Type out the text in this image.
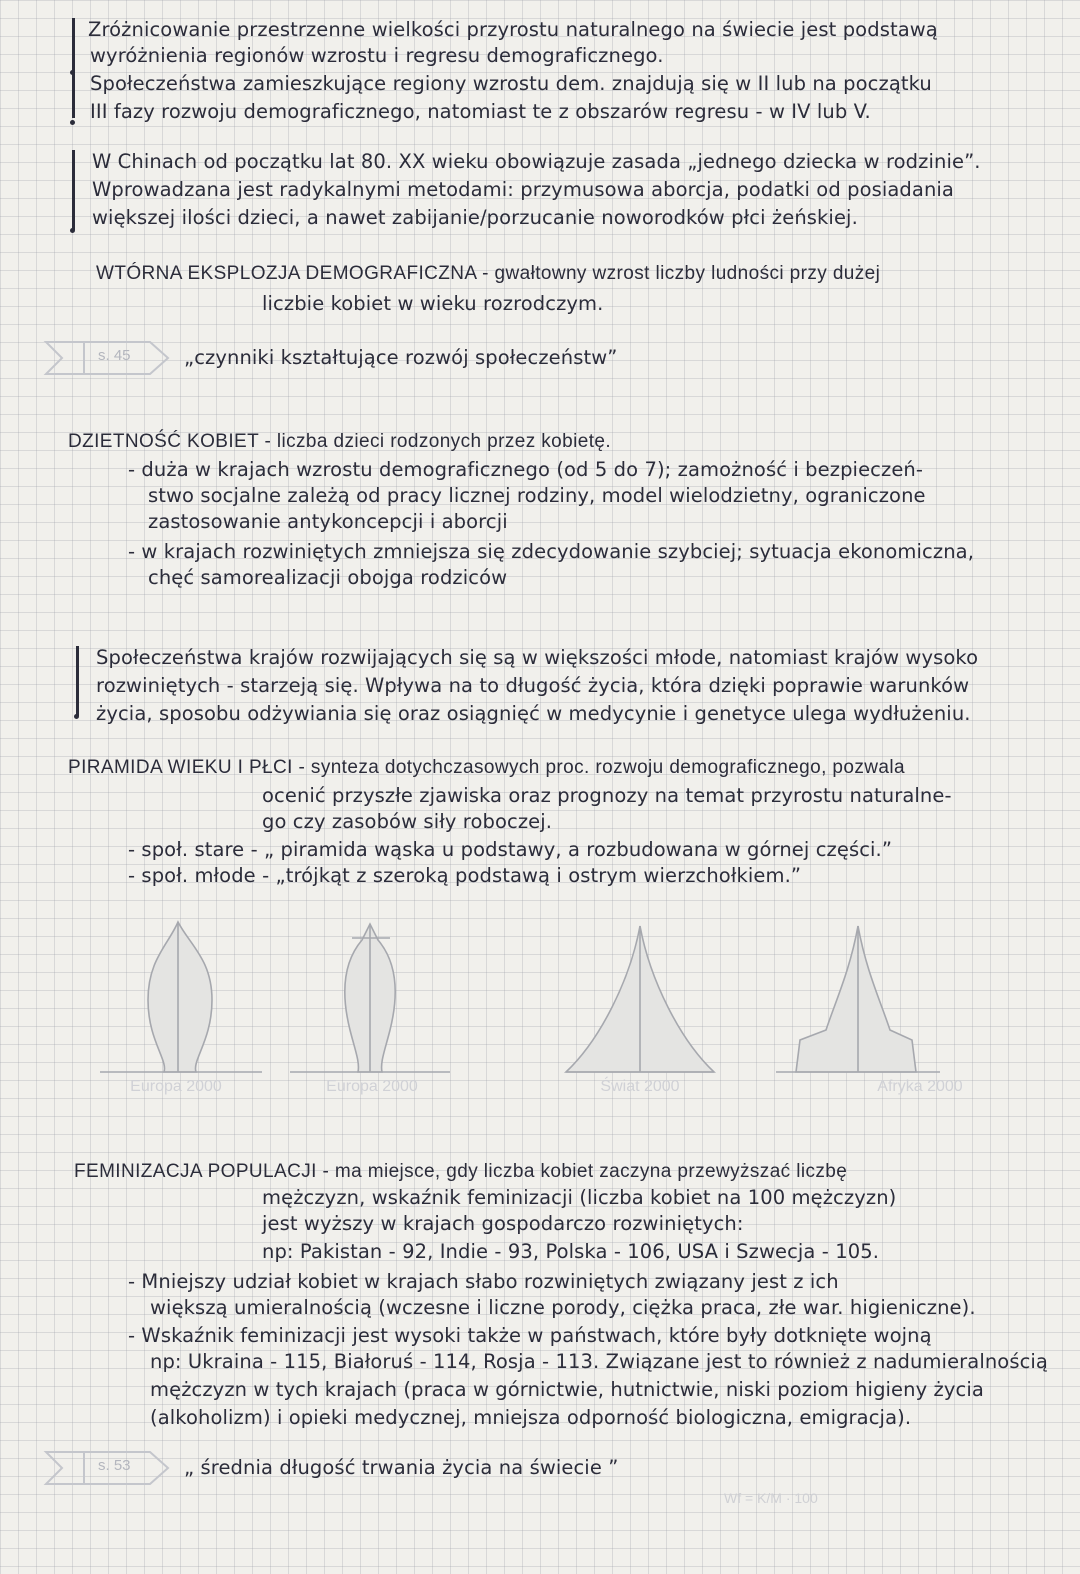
Zróżnicowanie przestrzenne wielkości przyrostu naturalnego na świecie jest podstawą
wyróżnienia regionów wzrostu i regresu demograficznego.
Społeczeństwa zamieszkujące regiony wzrostu dem. znajdują się w II lub na początku
III fazy rozwoju demograficznego, natomiast te z obszarów regresu - w IV lub V.
W Chinach od początku lat 80. XX wieku obowiązuje zasada „jednego dziecka w rodzinie”.
Wprowadzana jest radykalnymi metodami: przymusowa aborcja, podatki od posiadania
większej ilości dzieci, a nawet zabijanie/porzucanie noworodków płci żeńskiej.
WTÓRNA EKSPLOZJA DEMOGRAFICZNA - gwałtowny wzrost liczby ludności przy dużej
liczbie kobiet w wieku rozrodczym.
s. 45	„czynniki kształtujące rozwój społeczeństw”
DZIETNOŚĆ KOBIET - liczba dzieci rodzonych przez kobietę.
- duża w krajach wzrostu demograficznego (od 5 do 7); zamożność i bezpieczeń-
stwo socjalne zależą od pracy licznej rodziny, model wielodzietny, ograniczone
zastosowanie antykoncepcji i aborcji
- w krajach rozwiniętych zmniejsza się zdecydowanie szybciej; sytuacja ekonomiczna,
chęć samorealizacji obojga rodziców
Społeczeństwa krajów rozwijających się są w większości młode, natomiast krajów wysoko
rozwiniętych - starzeją się. Wpływa na to długość życia, która dzięki poprawie warunków
życia, sposobu odżywiania się oraz osiągnięć w medycynie i genetyce ulega wydłużeniu.
PIRAMIDA WIEKU I PŁCI - synteza dotychczasowych proc. rozwoju demograficznego, pozwala
ocenić przyszłe zjawiska oraz prognozy na temat przyrostu naturalne-
go czy zasobów siły roboczej.
- społ. stare - „ piramida wąska u podstawy, a rozbudowana w górnej części.”
- społ. młode - „trójkąt z szeroką podstawą i ostrym wierzchołkiem.”
Europa 2000	Europa 2000	Świat 2000	Afryka 2000
FEMINIZACJA POPULACJI - ma miejsce, gdy liczba kobiet zaczyna przewyższać liczbę
mężczyzn, wskaźnik feminizacji (liczba kobiet na 100 mężczyzn)
jest wyższy w krajach gospodarczo rozwiniętych:
np: Pakistan - 92, Indie - 93, Polska - 106, USA i Szwecja - 105.
- Mniejszy udział kobiet w krajach słabo rozwiniętych związany jest z ich
większą umieralnością (wczesne i liczne porody, ciężka praca, złe war. higieniczne).
- Wskaźnik feminizacji jest wysoki także w państwach, które były dotknięte wojną
np: Ukraina - 115, Białoruś - 114, Rosja - 113. Związane jest to również z nadumieralnością
mężczyzn w tych krajach (praca w górnictwie, hutnictwie, niski poziom higieny życia
(alkoholizm) i opieki medycznej, mniejsza odporność biologiczna, emigracja).
s. 53	„ średnia długość trwania życia na świecie ”
Wf = K/M · 100
